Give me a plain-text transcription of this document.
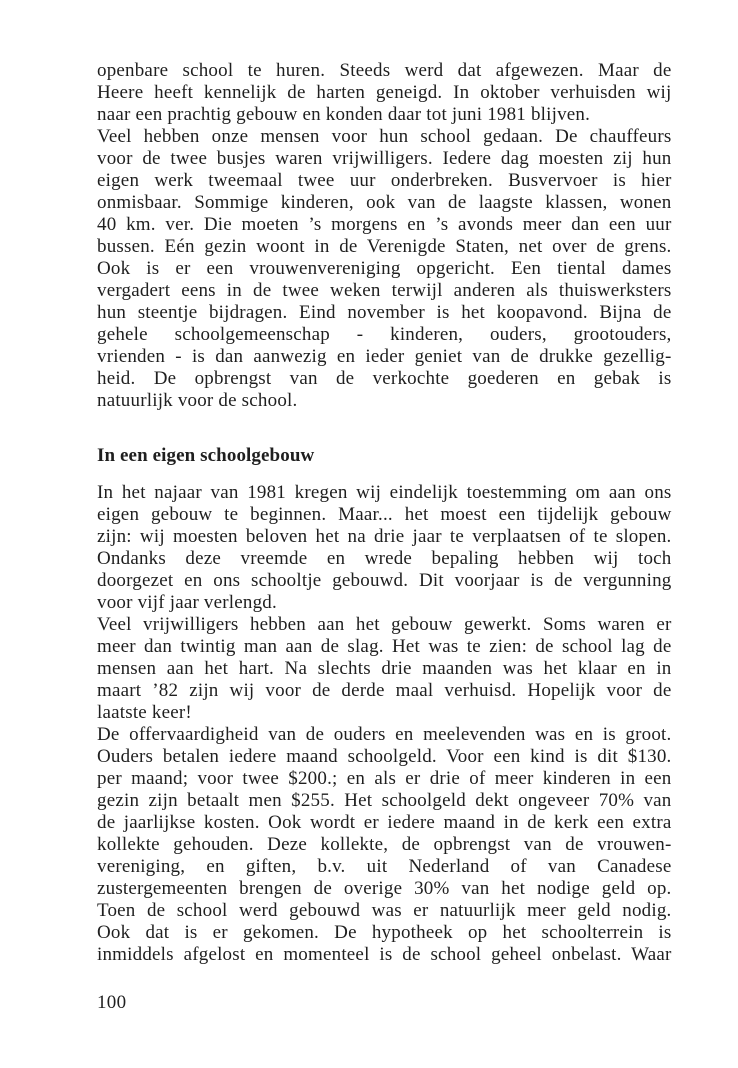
openbare school te huren. Steeds werd dat afgewezen. Maar de
Heere heeft kennelijk de harten geneigd. In oktober verhuisden wij
naar een prachtig gebouw en konden daar tot juni 1981 blijven.
Veel hebben onze mensen voor hun school gedaan. De chauffeurs
voor de twee busjes waren vrijwilligers. Iedere dag moesten zij hun
eigen werk tweemaal twee uur onderbreken. Busvervoer is hier
onmisbaar. Sommige kinderen, ook van de laagste klassen, wonen
40 km. ver. Die moeten ’s morgens en ’s avonds meer dan een uur
bussen. Eén gezin woont in de Verenigde Staten, net over de grens.
Ook is er een vrouwenvereniging opgericht. Een tiental dames
vergadert eens in de twee weken terwijl anderen als thuiswerksters
hun steentje bijdragen. Eind november is het koopavond. Bijna de
gehele schoolgemeenschap - kinderen, ouders, grootouders,
vrienden - is dan aanwezig en ieder geniet van de drukke gezellig-
heid. De opbrengst van de verkochte goederen en gebak is
natuurlijk voor de school.
In een eigen schoolgebouw
In het najaar van 1981 kregen wij eindelijk toestemming om aan ons
eigen gebouw te beginnen. Maar... het moest een tijdelijk gebouw
zijn: wij moesten beloven het na drie jaar te verplaatsen of te slopen.
Ondanks deze vreemde en wrede bepaling hebben wij toch
doorgezet en ons schooltje gebouwd. Dit voorjaar is de vergunning
voor vijf jaar verlengd.
Veel vrijwilligers hebben aan het gebouw gewerkt. Soms waren er
meer dan twintig man aan de slag. Het was te zien: de school lag de
mensen aan het hart. Na slechts drie maanden was het klaar en in
maart ’82 zijn wij voor de derde maal verhuisd. Hopelijk voor de
laatste keer!
De offervaardigheid van de ouders en meelevenden was en is groot.
Ouders betalen iedere maand schoolgeld. Voor een kind is dit $130.
per maand; voor twee $200.; en als er drie of meer kinderen in een
gezin zijn betaalt men $255. Het schoolgeld dekt ongeveer 70% van
de jaarlijkse kosten. Ook wordt er iedere maand in de kerk een extra
kollekte gehouden. Deze kollekte, de opbrengst van de vrouwen-
vereniging, en giften, b.v. uit Nederland of van Canadese
zustergemeenten brengen de overige 30% van het nodige geld op.
Toen de school werd gebouwd was er natuurlijk meer geld nodig.
Ook dat is er gekomen. De hypotheek op het schoolterrein is
inmiddels afgelost en momenteel is de school geheel onbelast. Waar
100
